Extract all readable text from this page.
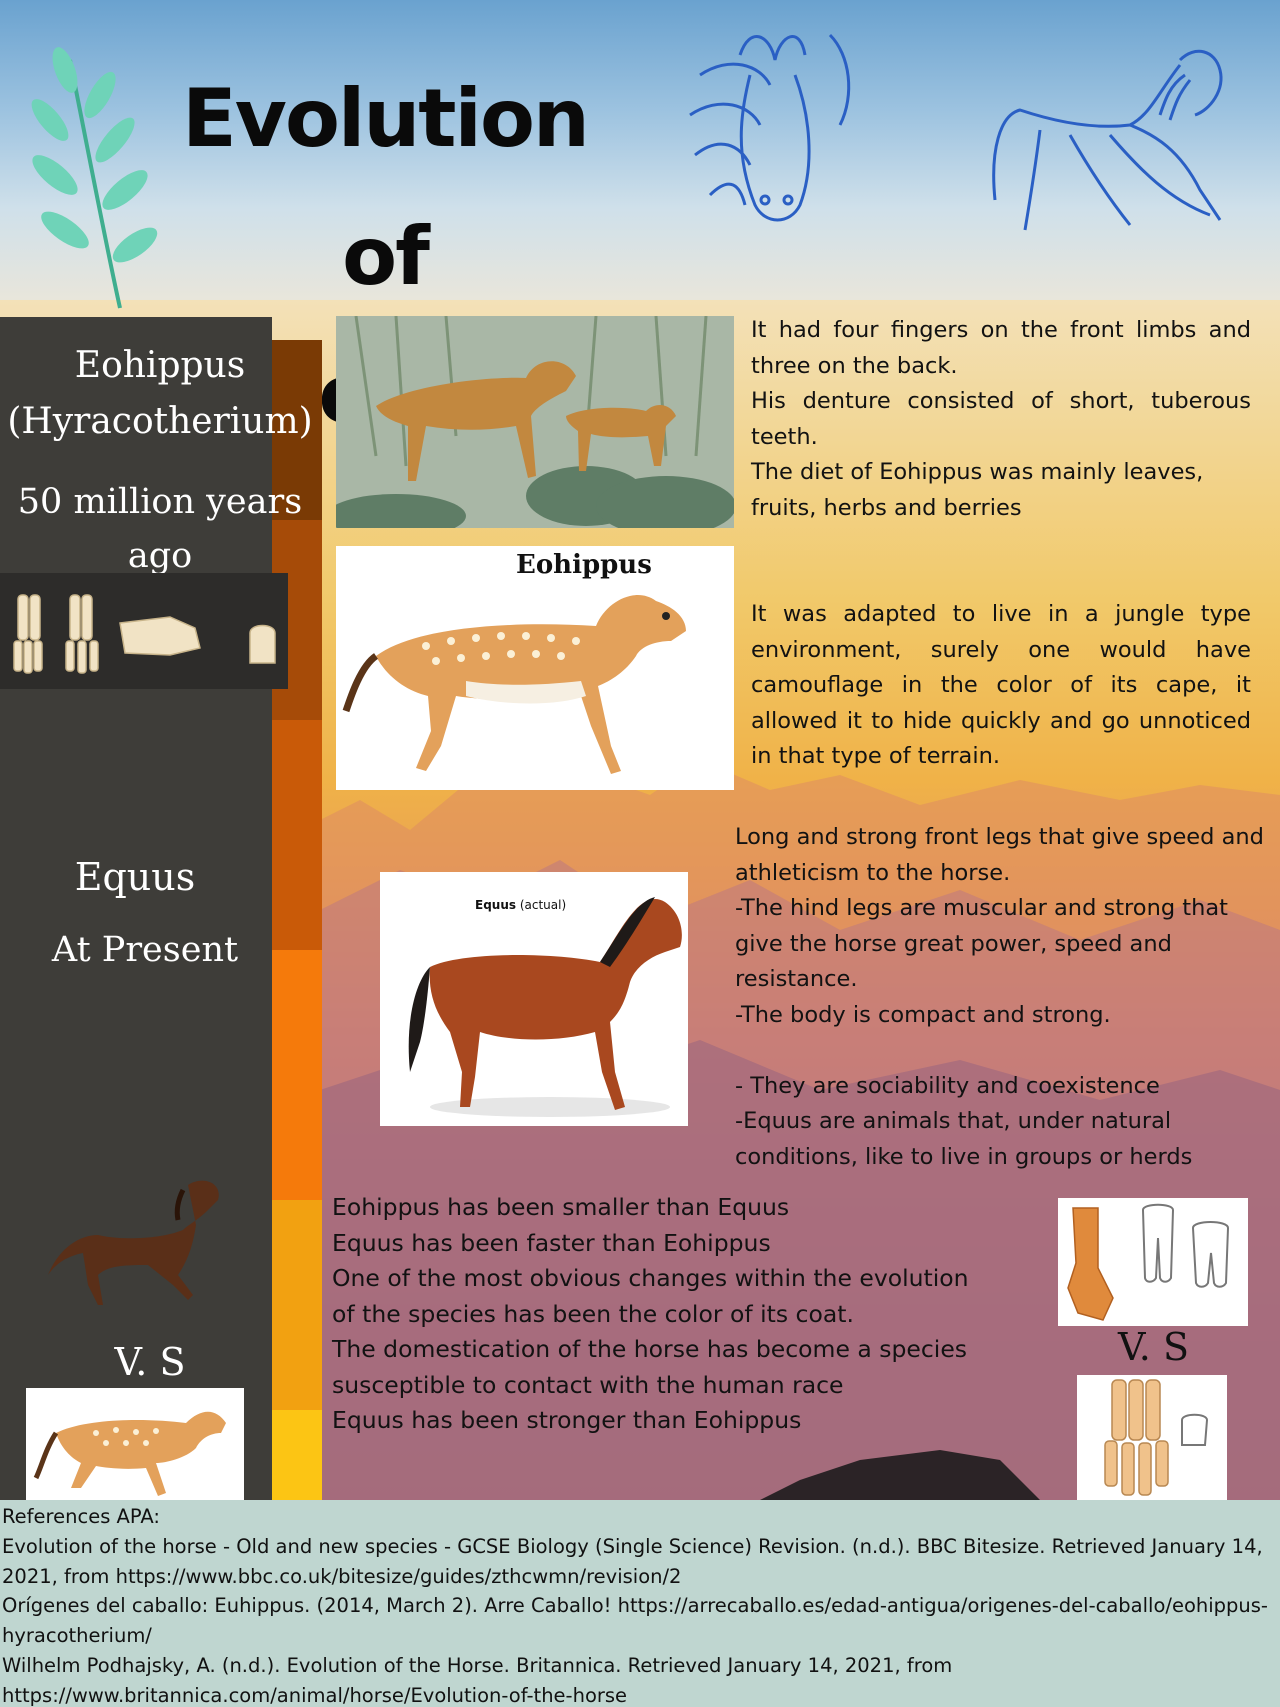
Evolution of
Eohippus
(Hyracotherium)
50 million years
ago
Equus
At Present
V. S

It had four fingers on the front limbs and three on the back.

His denture consisted of short, tuberous teeth.

The diet of Eohippus was mainly leaves, fruits, herbs and berries

Eohippus
It was adapted to live in a jungle type environment, surely one would have camouflage in the color of its cape, it allowed it to hide quickly and go unnoticed in that type of terrain.
Equus (actual)

Long and strong front legs that give speed and athleticism to the horse.

-The hind legs are muscular and strong that give the horse great power, speed and resistance.

-The body is compact and strong.

- They are sociability and coexistence

-Equus are animals that, under natural conditions, like to live in groups or herds

Eohippus has been smaller than Equus

Equus has been faster than Eohippus

One of the most obvious changes within the evolution of the species has been the color of its coat.

The domestication of the horse has become a species susceptible to contact with the human race

Equus has been stronger than Eohippus

V. S

References APA:

Evolution of the horse - Old and new species - GCSE Biology (Single Science) Revision. (n.d.). BBC Bitesize. Retrieved January 14, 2021, from https://www.bbc.co.uk/bitesize/guides/zthcwmn/revision/2

Orígenes del caballo: Euhippus. (2014, March 2). Arre Caballo! https://arrecaballo.es/edad-antigua/origenes-del-caballo/eohippus-hyracotherium/

Wilhelm Podhajsky, A. (n.d.). Evolution of the Horse. Britannica. Retrieved January 14, 2021, from https://www.britannica.com/animal/horse/Evolution-of-the-horse
